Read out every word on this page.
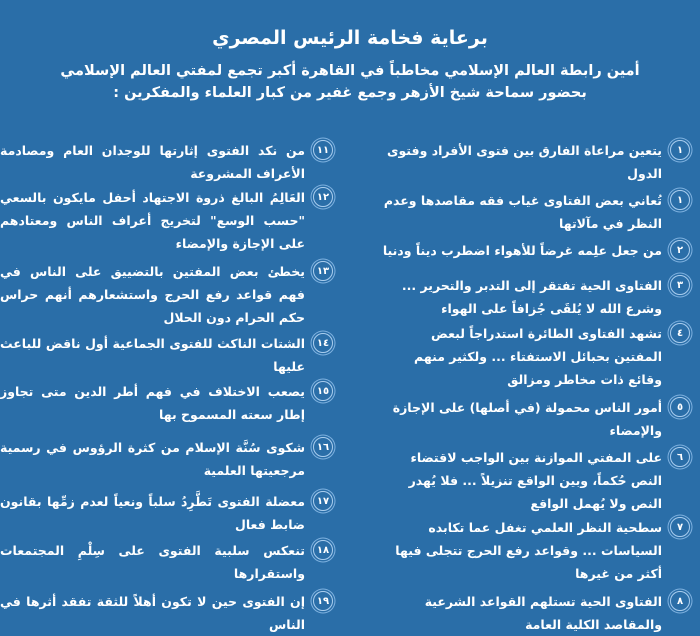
برعاية فخامة الرئيس المصري
أمين رابطة العالم الإسلامي مخاطباً في القاهرة أكبر تجمع لمفتي العالم الإسلامي
بحضور سماحة شيخ الأزهر وجمع غفير من كبار العلماء والمفكرين :
١
يتعين مراعاة الفارق بين فتوى الأفراد وفتوى الدول
١
تُعاني بعض الفتاوى غياب فقه مقاصدها وعدم النظر في مآلاتها
٢
من جعل علِمه غرضاً للأهواء اضطرب ديناً ودنيا
٣
الفتاوى الحية تفتقر إلى التدبر والتحرير ... وشرع الله لا يُلقَى جُزافاً على الهواء
٤
تشهد الفتاوى الطائرة استدراجاً لبعض المفتين بحبائل الاستفتاء ... ولكثير منهم وقائع ذات مخاطر ومزالق
٥
أمور الناس محمولة (في أصلها) على الإجازة والإمضاء
٦
على المفتي الموازنة بين الواجب لاقتضاء النص حُكماً، وبين الواقع تنزيلاً ... فلا يُهدر النص ولا يُهمل الواقع
٧
سطحية النظر العلمي تغفل عما تكابده السياسات ... وقواعد رفع الحرج تتجلى فيها أكثر من غيرها
٨
الفتاوى الحية تستلهم القواعد الشرعية والمقاصد الكلية العامة
١١
من نكد الفتوى إثارتها للوجدان العام ومصادمة الأعراف المشروعة
١٢
العَالِمُ البالغ ذروة الاجتهاد أحفل مايكون بالسعي "حسب الوسع" لتخريج أعراف الناس ومعتادهم على الإجازة والإمضاء
١٣
يخطئ بعض المفتين بالتضييق على الناس في فهم قواعد رفع الحرج واستشعارهم أنهم حراس حكم الحرام دون الحلال
١٤
الشتات الناكث للفتوى الجماعية أول ناقض للباعث عليها
١٥
يصعب الاختلاف في فهم أطر الدين متى تجاوز إطار سعته المسموح بها
١٦
شكوى سُنَّة الإسلام من كثرة الرؤوس في رسمية مرجعيتها العلمية
١٧
معضلة الفتوى تَطَّرِدُ سلباً ونعياً لعدم زمِّها بقانون ضابط فعال
١٨
تنعكس سلبية الفتوى على سِلْمِ المجتمعات واستقرارها
١٩
إن الفتوى حين لا تكون أهلاً للثقة تفقد أثرها في الناس
